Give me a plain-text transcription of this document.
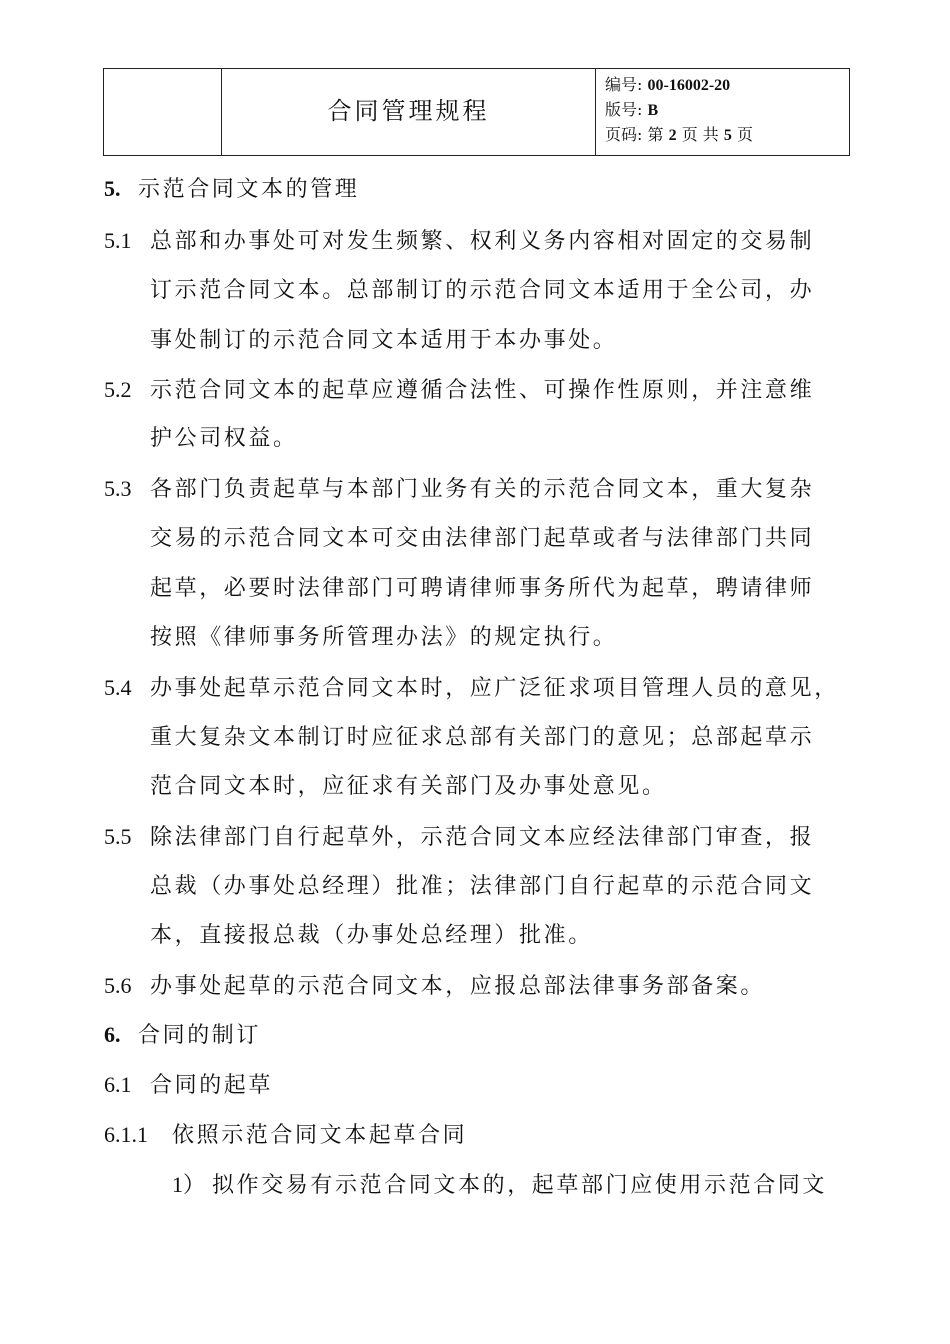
合同管理规程
编号: 00-16002-20
版号: B
页码: 第 2 页 共 5 页
5. 示范合同文本的管理
5.1 总部和办事处可对发生频繁、权利义务内容相对固定的交易制
订示范合同文本。总部制订的示范合同文本适用于全公司，办
事处制订的示范合同文本适用于本办事处。
5.2 示范合同文本的起草应遵循合法性、可操作性原则，并注意维
护公司权益。
5.3 各部门负责起草与本部门业务有关的示范合同文本，重大复杂
交易的示范合同文本可交由法律部门起草或者与法律部门共同
起草，必要时法律部门可聘请律师事务所代为起草，聘请律师
按照《律师事务所管理办法》的规定执行。
5.4 办事处起草示范合同文本时，应广泛征求项目管理人员的意见，
重大复杂文本制订时应征求总部有关部门的意见；总部起草示
范合同文本时，应征求有关部门及办事处意见。
5.5 除法律部门自行起草外，示范合同文本应经法律部门审查，报
总裁（办事处总经理）批准；法律部门自行起草的示范合同文
本，直接报总裁（办事处总经理）批准。
5.6 办事处起草的示范合同文本，应报总部法律事务部备案。
6. 合同的制订
6.1 合同的起草
6.1.1 依照示范合同文本起草合同
1） 拟作交易有示范合同文本的，起草部门应使用示范合同文
